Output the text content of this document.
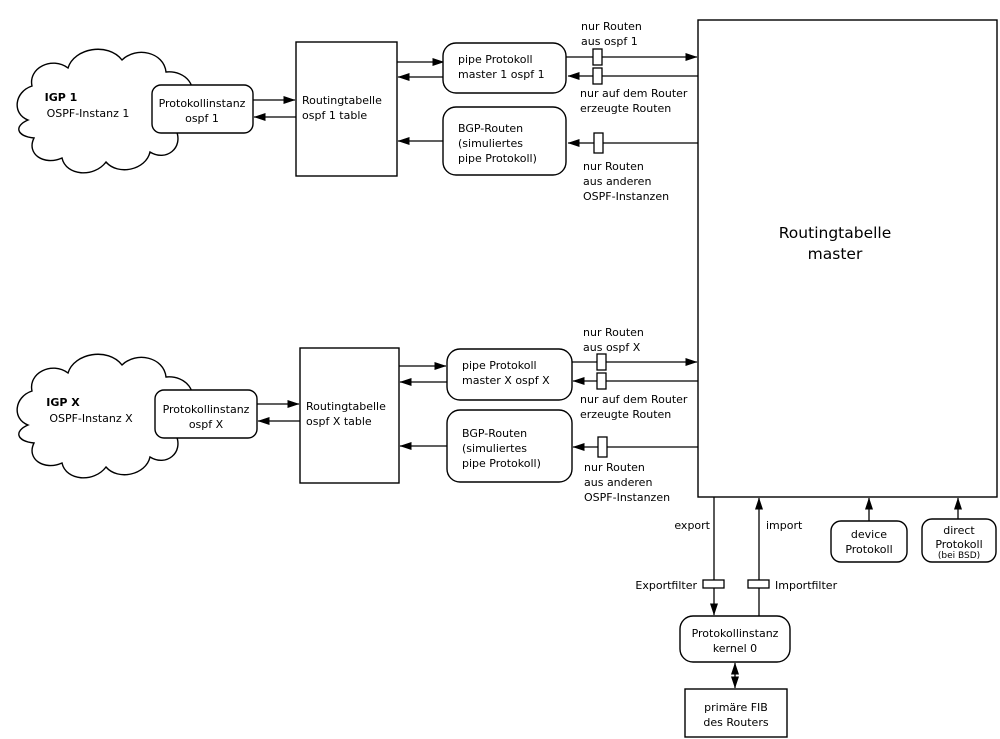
IGP 1
OSPF-Instanz 1
Protokollinstanz
ospf 1
Routingtabelle
ospf 1 table
pipe Protokoll
master 1 ospf 1
BGP-Routen
(simuliertes
pipe Protokoll)
nur Routen
aus ospf 1
nur auf dem Router
erzeugte Routen
nur Routen
aus anderen
OSPF-Instanzen
IGP X
OSPF-Instanz X
Protokollinstanz
ospf X
Routingtabelle
ospf X table
pipe Protokoll
master X ospf X
BGP-Routen
(simuliertes
pipe Protokoll)
nur Routen
aus ospf X
nur auf dem Router
erzeugte Routen
nur Routen
aus anderen
OSPF-Instanzen
Routingtabelle
master
export	import
Exportfilter	Importfilter
Protokollinstanz
kernel 0
primäre FIB
des Routers
device
Protokoll
direct
Protokoll
(bei BSD)
